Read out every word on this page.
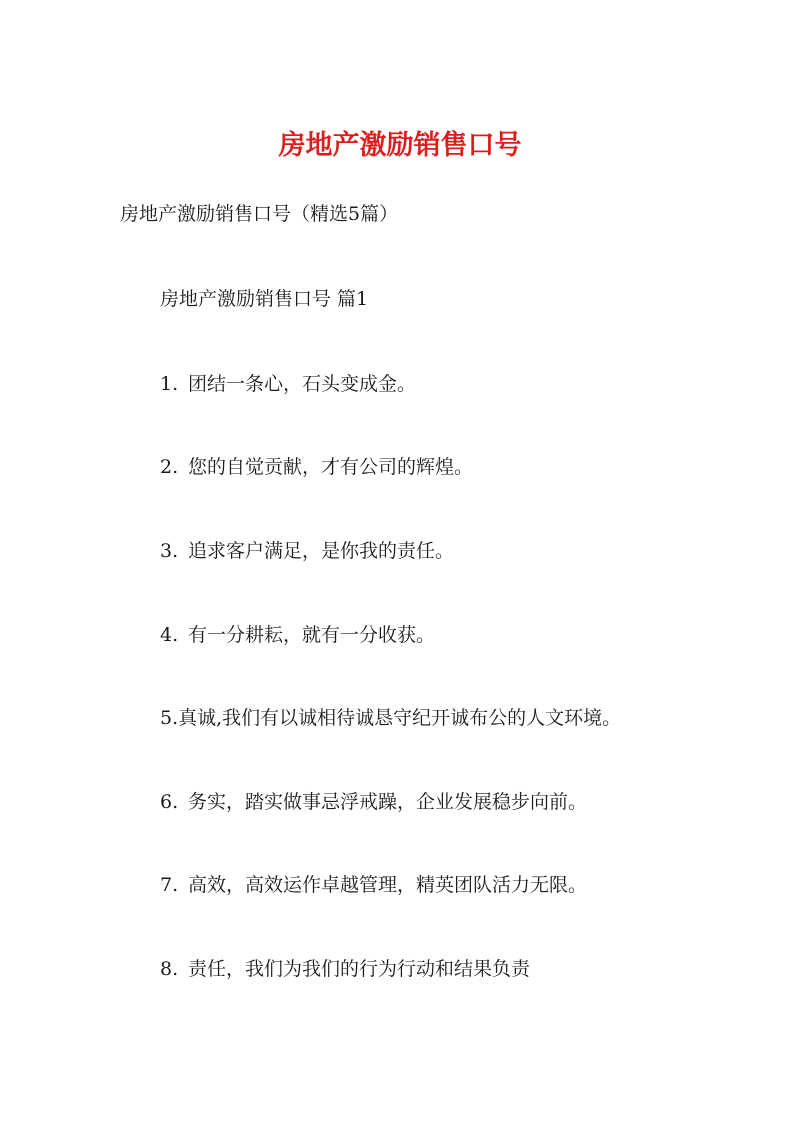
房地产激励销售口号

房地产激励销售口号（精选5篇）

房地产激励销售口号 篇1

1. 团结一条心，石头变成金。

2. 您的自觉贡献，才有公司的辉煌。

3. 追求客户满足，是你我的责任。

4. 有一分耕耘，就有一分收获。

5.真诚,我们有以诚相待诚恳守纪开诚布公的人文环境。

6. 务实，踏实做事忌浮戒躁，企业发展稳步向前。

7. 高效，高效运作卓越管理，精英团队活力无限。

8. 责任，我们为我们的行为行动和结果负责
